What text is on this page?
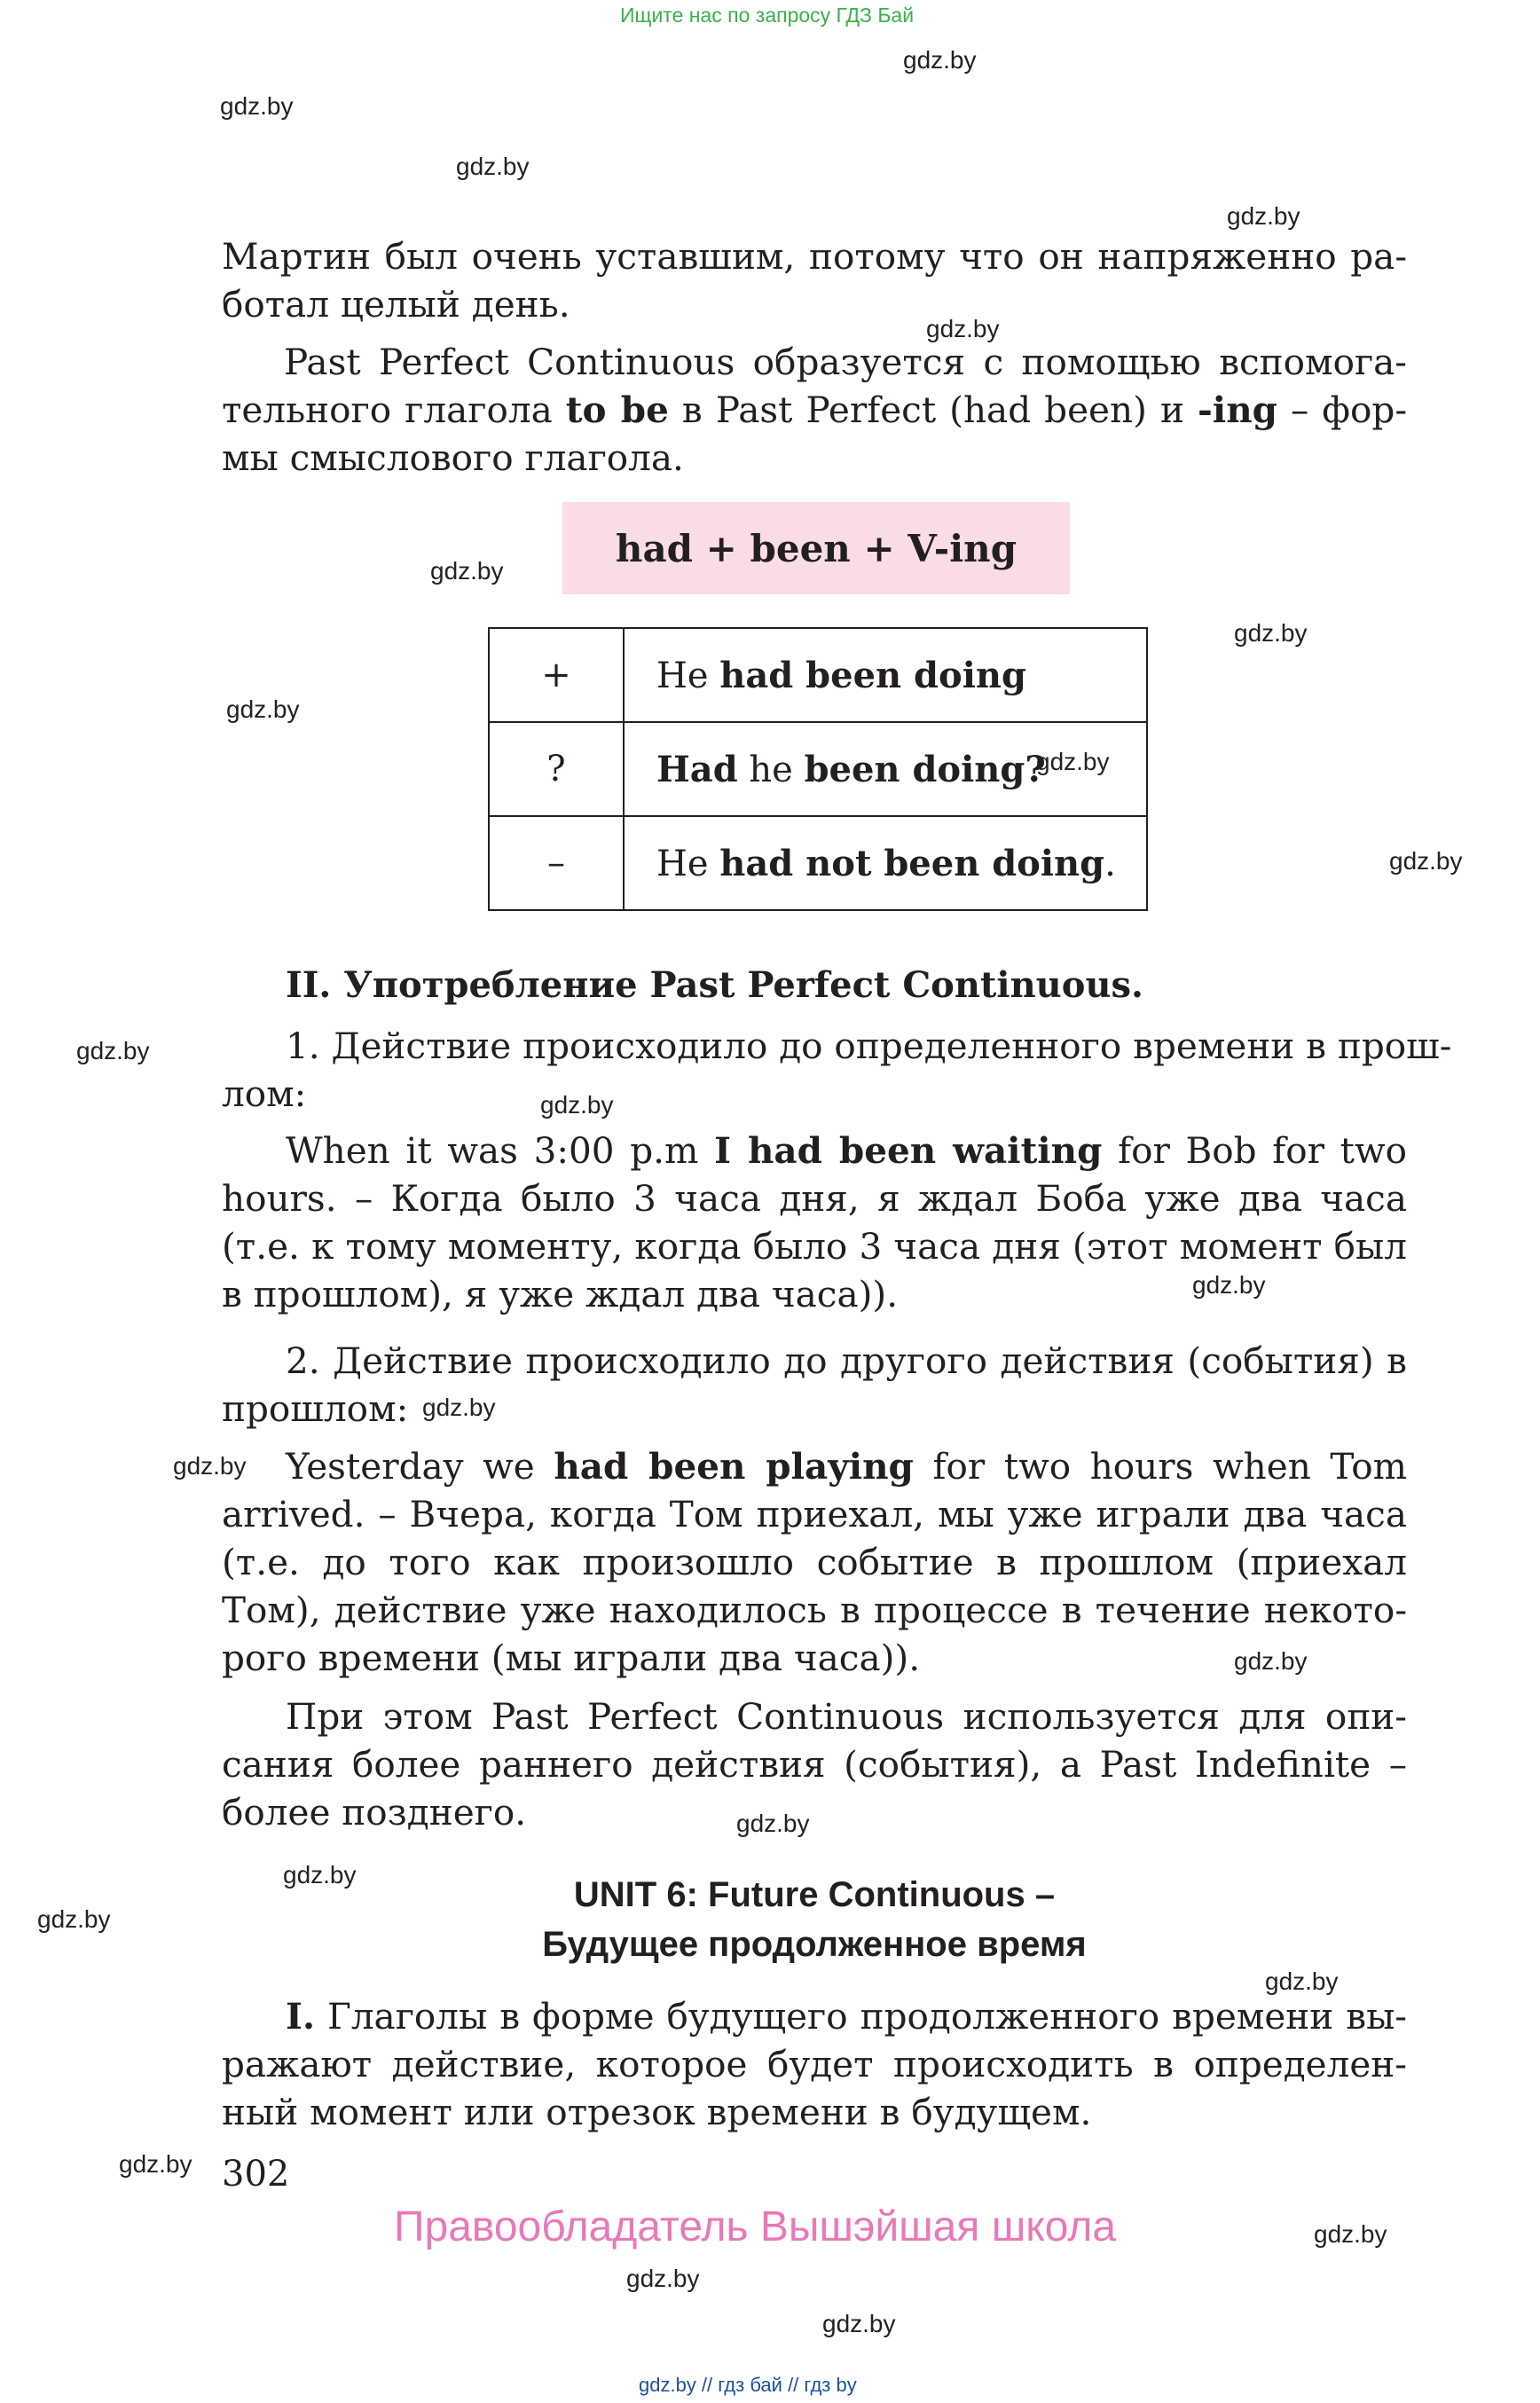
Ищите нас по запросу ГДЗ Бай
gdz.by
gdz.by
gdz.by
gdz.by
gdz.by
gdz.by
gdz.by
gdz.by
gdz.by
gdz.by
gdz.by
gdz.by
gdz.by
gdz.by
gdz.by
gdz.by
gdz.by
gdz.by
gdz.by
gdz.by
gdz.by
gdz.by
gdz.by
gdz.by
Мартин был очень уставшим, потому что он напряженно ра-
ботал целый день.
Past Perfect Continuous образуется с помощью вспомога-
тельного глагола to be в Past Perfect (had been) и -ing – фор-
мы смыслового глагола.
had + been + V-ing
+	He had been doing
?	Had he been doing?
–	He had not been doing.
II. Употребление Past Perfect Continuous.
1. Действие происходило до определенного времени в прош-
лом:
When it was 3:00 p.m I had been waiting for Bob for two
hours. – Когда было 3 часа дня, я ждал Боба уже два часа
(т.е. к тому моменту, когда было 3 часа дня (этот момент был
в прошлом), я уже ждал два часа)).
2. Действие происходило до другого действия (события) в
прошлом:
Yesterday we had been playing for two hours when Tom
arrived. – Вчера, когда Том приехал, мы уже играли два часа
(т.е. до того как произошло событие в прошлом (приехал
Том), действие уже находилось в процессе в течение некото-
рого времени (мы играли два часа)).
При этом Past Perfect Continuous используется для опи-
сания более раннего действия (события), а Past Indefinite –
более позднего.
UNIT 6: Future Continuous –
Будущее продолженное время
I. Глаголы в форме будущего продолженного времени вы-
ражают действие, которое будет происходить в определен-
ный момент или отрезок времени в будущем.
302
Правообладатель Вышэйшая школа
gdz.by // гдз бай // гдз by
